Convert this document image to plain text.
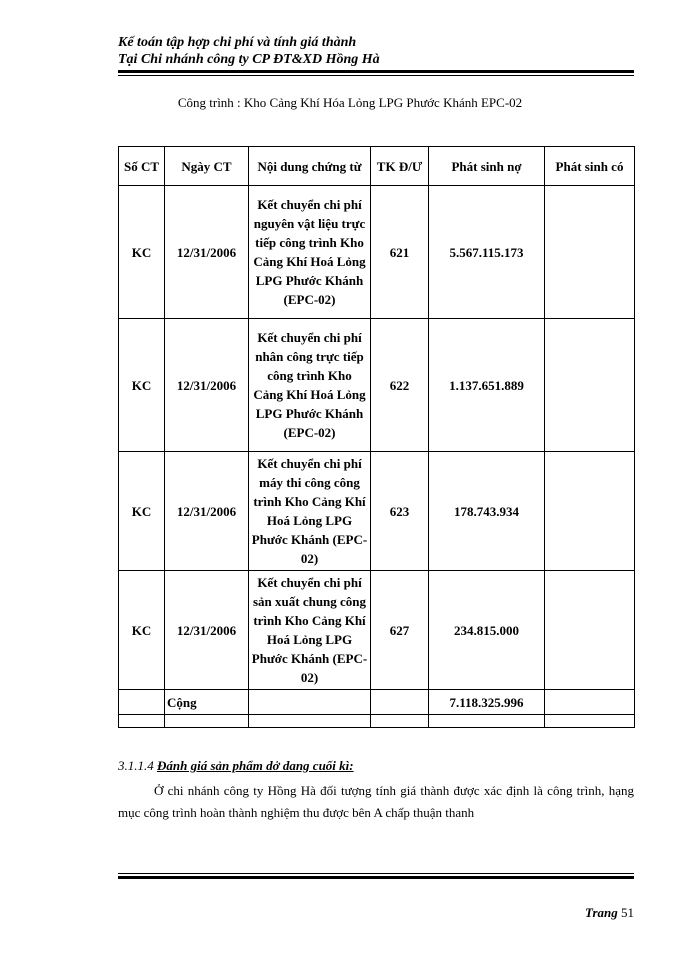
Kế toán tập hợp chi phí và tính giá thành
Tại Chi nhánh công ty CP ĐT&XD Hồng Hà
Công trình : Kho Cảng Khí Hóa Lỏng LPG Phước Khánh EPC-02
Số CT	Ngày CT	Nội dung chứng từ	TK Đ/Ư	Phát sinh nợ	Phát sinh có
KC	12/31/2006	Kết chuyển chi phí nguyên vật liệu trực tiếp công trình Kho Cảng Khí Hoá Lỏng LPG Phước Khánh (EPC-02)	621	5.567.115.173	
KC	12/31/2006	Kết chuyển chi phí nhân công trực tiếp công trình Kho Cảng Khí Hoá Lỏng LPG Phước Khánh (EPC-02)	622	1.137.651.889	
KC	12/31/2006	Kết chuyển chi phí máy thi công công trình Kho Cảng Khí Hoá Lỏng LPG Phước Khánh (EPC-02)	623	178.743.934	
KC	12/31/2006	Kết chuyển chi phí sản xuất chung công trình Kho Cảng Khí Hoá Lỏng LPG Phước Khánh (EPC-02)	627	234.815.000	
	Cộng			7.118.325.996	

3.1.1.4 Đánh giá sản phẩm dở dang cuối kì:
Ở chi nhánh công ty Hồng Hà đối tượng tính giá thành được xác định là công trình, hạng mục công trình hoàn thành nghiệm thu được bên A chấp thuận thanh
Trang 51
